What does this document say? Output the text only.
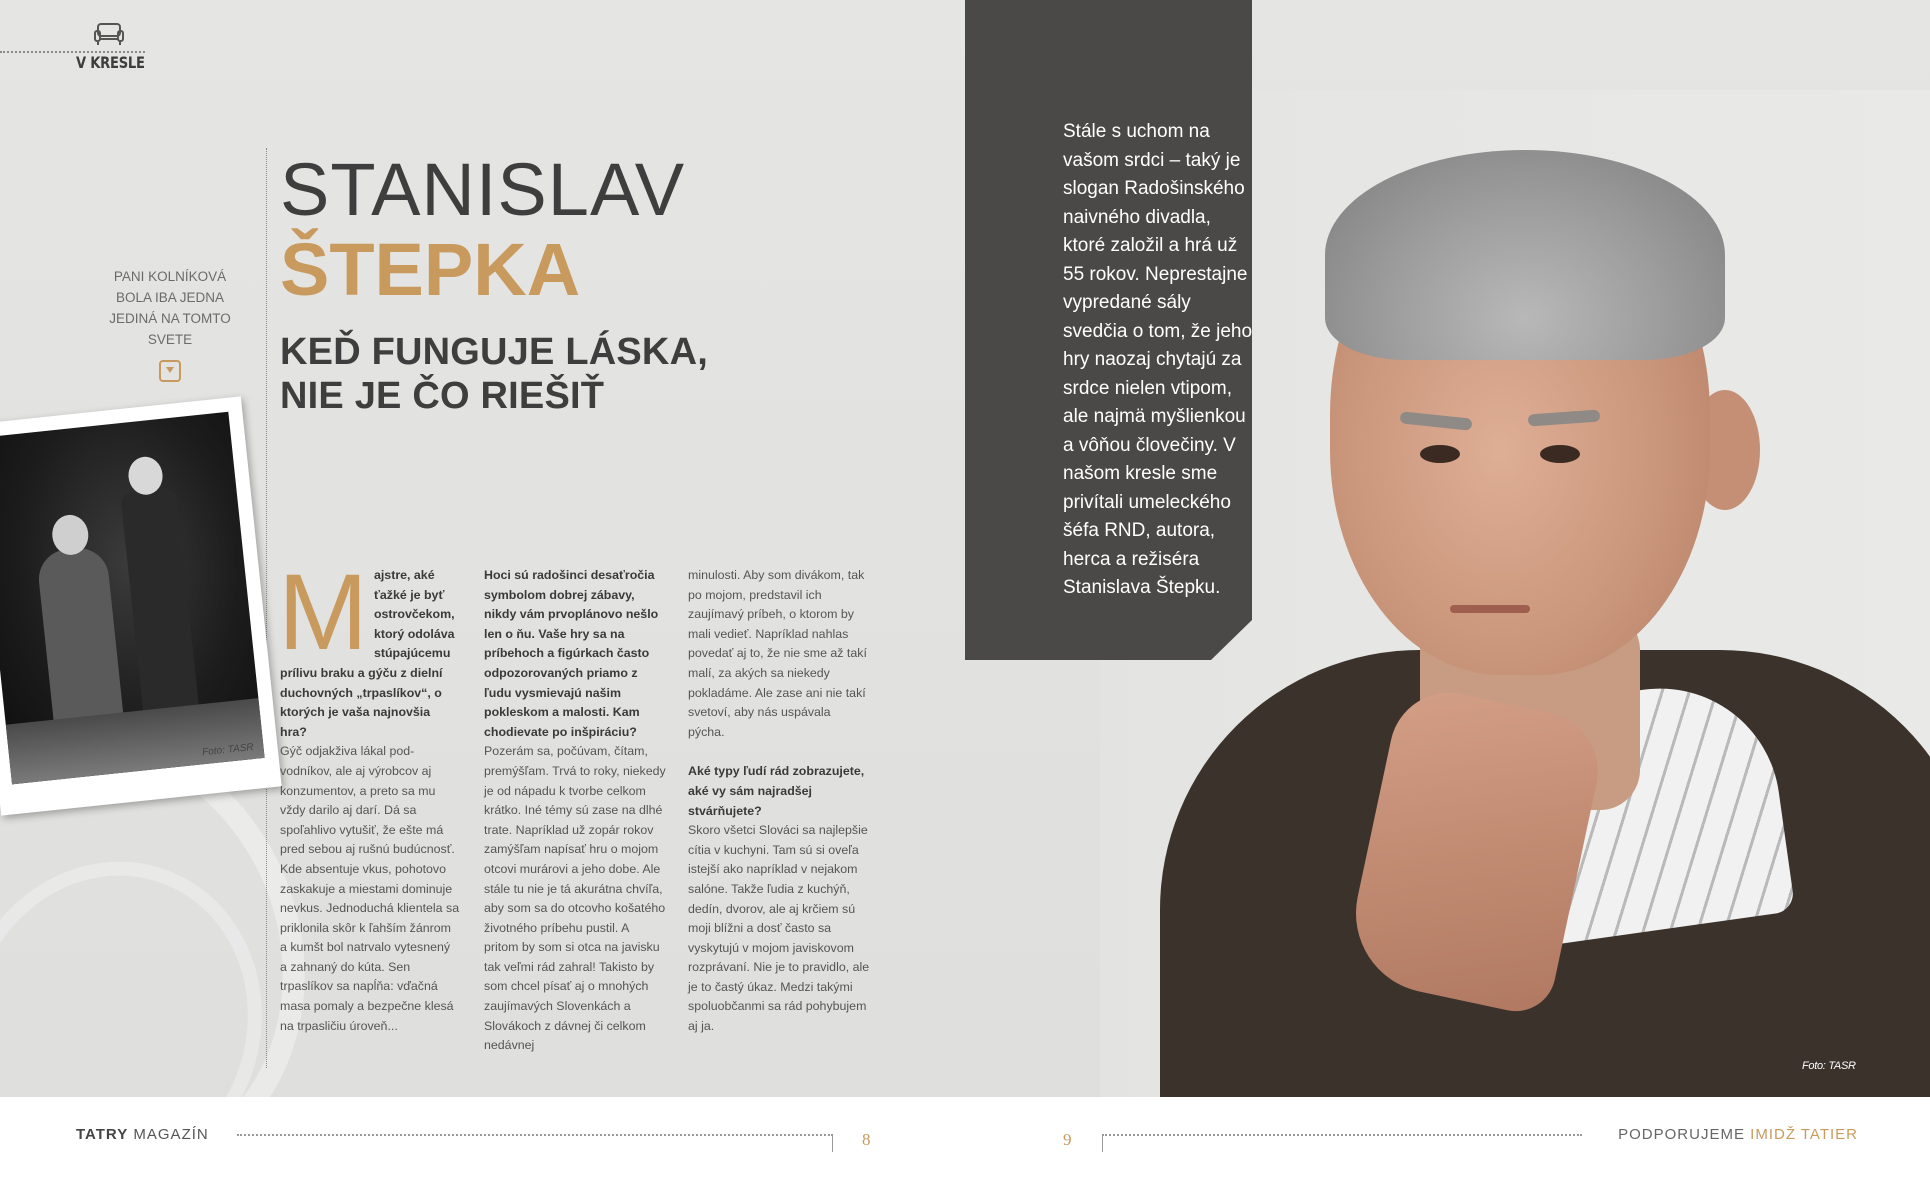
V KRESLE
PANI KOLNÍKOVÁ BOLA IBA JEDNA JEDINÁ NA TOMTO SVETE
Foto: TASR
STANISLAV
ŠTEPKA
KEĎ FUNGUJE LÁSKA,
NIE JE ČO RIEŠIŤ
M ajstre, aké ťažké je byť ostrovčekom, ktorý odoláva stúpajúcemu prílivu braku a gýču z dielní duchovných „trpaslíkov“, o ktorých je vaša najnovšia hra?
Gýč odjakživa lákal podvodníkov, ale aj výrobcov aj konzumentov, a preto sa mu vždy darilo aj darí. Dá sa spoľahlivo vytušiť, že ešte má pred sebou aj rušnú budúcnosť. Kde absentuje vkus, pohotovo zaskakuje a miestami dominuje nevkus. Jednoduchá klientela sa priklonila skôr k ľahším žánrom a kumšt bol natrvalo vytesnený a zahnaný do kúta. Sen trpaslíkov sa napĺňa: vďačná masa pomaly a bezpečne klesá na trpasličiu úroveň...
Hoci sú radošinci desaťročia symbolom dobrej zábavy, nikdy vám prvoplánovo nešlo len o ňu. Vaše hry sa na príbehoch a figúrkach často odpozorovaných priamo z ľudu vysmievajú našim pokleskom a malosti. Kam chodievate po inšpiráciu?
Pozerám sa, počúvam, čítam, premýšľam. Trvá to roky, niekedy je od nápadu k tvorbe celkom krátko. Iné témy sú zase na dlhé trate. Napríklad už zopár rokov zamýšľam napísať hru o mojom otcovi murárovi a jeho dobe. Ale stále tu nie je tá akurátna chvíľa, aby som sa do otcovho košatého životného príbehu pustil. A pritom by som si otca na javisku tak veľmi rád zahral! Takisto by som chcel písať aj o mnohých zaujímavých Slovenkách a Slovákoch z dávnej či celkom nedávnej
minulosti. Aby som divákom, tak po mojom, predstavil ich zaujímavý príbeh, o ktorom by mali vedieť. Napríklad nahlas povedať aj to, že nie sme až takí malí, za akých sa niekedy pokladáme. Ale zase ani nie takí svetoví, aby nás uspávala pýcha.
Aké typy ľudí rád zobrazujete, aké vy sám najradšej stvárňujete?
Skoro všetci Slováci sa najlepšie cítia v kuchyni. Tam sú si oveľa istejší ako napríklad v nejakom salóne. Takže ľudia z kuchýň, dedín, dvorov, ale aj krčiem sú moji blížni a dosť často sa vyskytujú v mojom javiskovom rozprávaní. Nie je to pravidlo, ale je to častý úkaz. Medzi takými spoluobčanmi sa rád pohybujem aj ja.
Foto: TASR
Stále s uchom na vašom srdci – taký je slogan Radošinského naivného divadla, ktoré založil a hrá už 55 rokov. Neprestajne vypredané sály svedčia o tom, že jeho hry naozaj chytajú za srdce nielen vtipom, ale najmä myšlienkou a vôňou človečiny. V našom kresle sme privítali umeleckého šéfa RND, autora, herca a režiséra Stanislava Štepku.
TATRY MAGAZÍN	8	9	PODPORUJEME IMIDŽ TATIER
